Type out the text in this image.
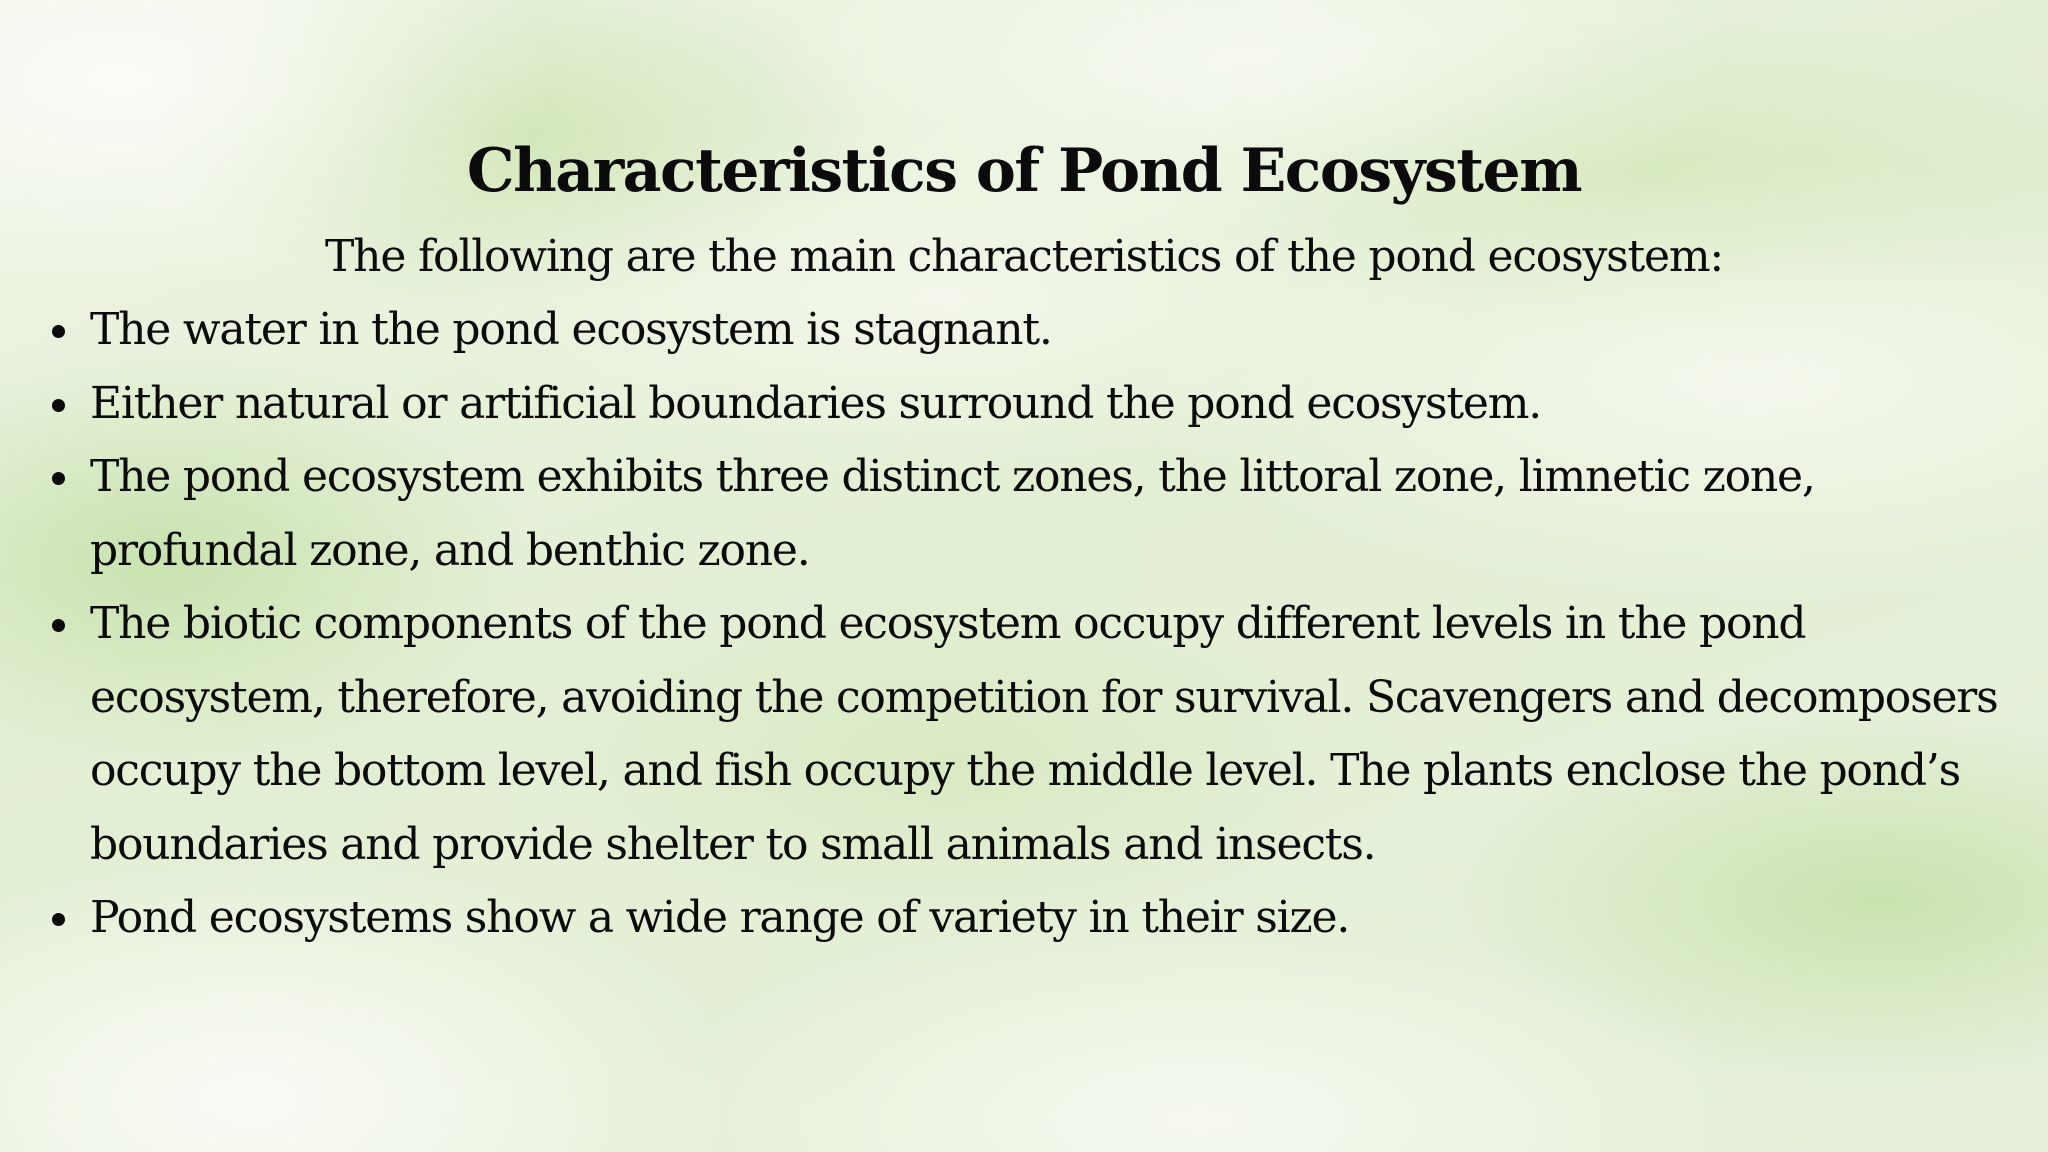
Characteristics of Pond Ecosystem

The following are the main characteristics of the pond ecosystem:

The water in the pond ecosystem is stagnant.
Either natural or artificial boundaries surround the pond ecosystem.
The pond ecosystem exhibits three distinct zones, the littoral zone, limnetic zone, profundal zone, and benthic zone.
The biotic components of the pond ecosystem occupy different levels in the pond ecosystem, therefore, avoiding the competition for survival. Scavengers and decomposers occupy the bottom level, and fish occupy the middle level. The plants enclose the pond’s boundaries and provide shelter to small animals and insects.
Pond ecosystems show a wide range of variety in their size.
